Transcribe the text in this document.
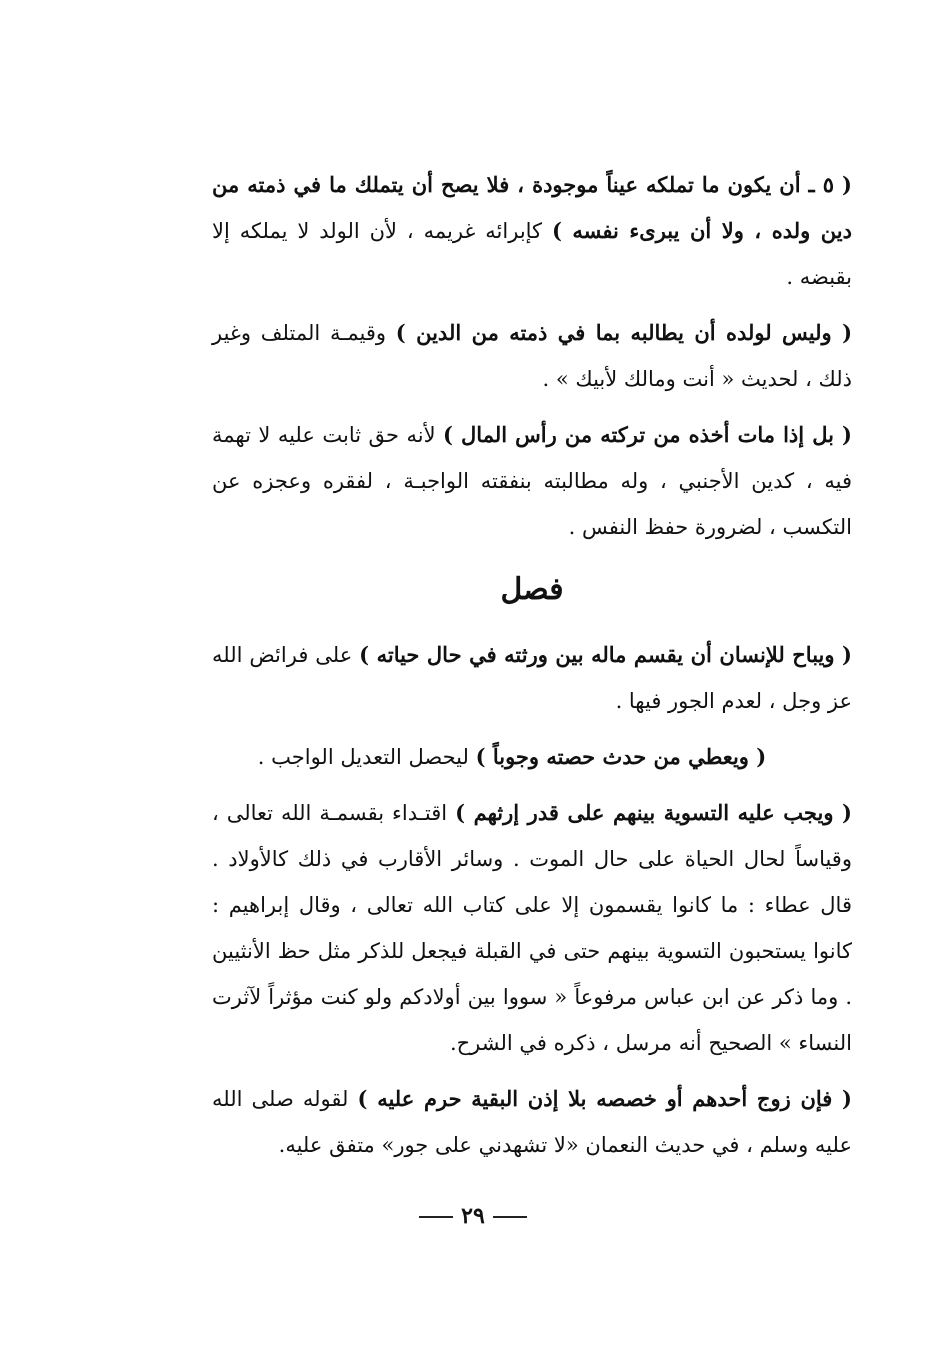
( ٥ ـ أن يكون ما تملكه عيناً موجودة ، فلا يصح أن يتملك ما في ذمته من دين ولده ، ولا أن يبرىء نفسه ) كإبرائه غريمه ، لأن الولد لا يملكه إلا بقبضه .

( وليس لولده أن يطالبه بما في ذمته من الدين ) وقيمـة المتلف وغير ذلك ، لحديث « أنت ومالك لأبيك » .

( بل إذا مات أخذه من تركته من رأس المال ) لأنه حق ثابت عليه لا تهمة فيه ، كدين الأجنبي ، وله مطالبته بنفقته الواجبـة ، لفقره وعجزه عن التكسب ، لضرورة حفظ النفس .

فصل

( ويباح للإنسان أن يقسم ماله بين ورثته في حال حياته ) على فرائض الله عز وجل ، لعدم الجور فيها .

( ويعطي من حدث حصته وجوباً ) ليحصل التعديل الواجب .

( ويجب عليه التسوية بينهم على قدر إرثهم ) اقتـداء بقسمـة الله تعالى ، وقياساً لحال الحياة على حال الموت . وسائر الأقارب في ذلك كالأولاد . قال عطاء : ما كانوا يقسمون إلا على كتاب الله تعالى ، وقال إبراهيم : كانوا يستحبون التسوية بينهم حتى في القبلة فيجعل للذكر مثل حظ الأنثيين . وما ذكر عن ابن عباس مرفوعاً « سووا بين أولادكم ولو كنت مؤثراً لآثرت النساء » الصحيح أنه مرسل ، ذكره في الشرح.

( فإن زوج أحدهم أو خصصه بلا إذن البقية حرم عليه ) لقوله صلى الله عليه وسلم ، في حديث النعمان «لا تشهدني على جور» متفق عليه.

٢٩
